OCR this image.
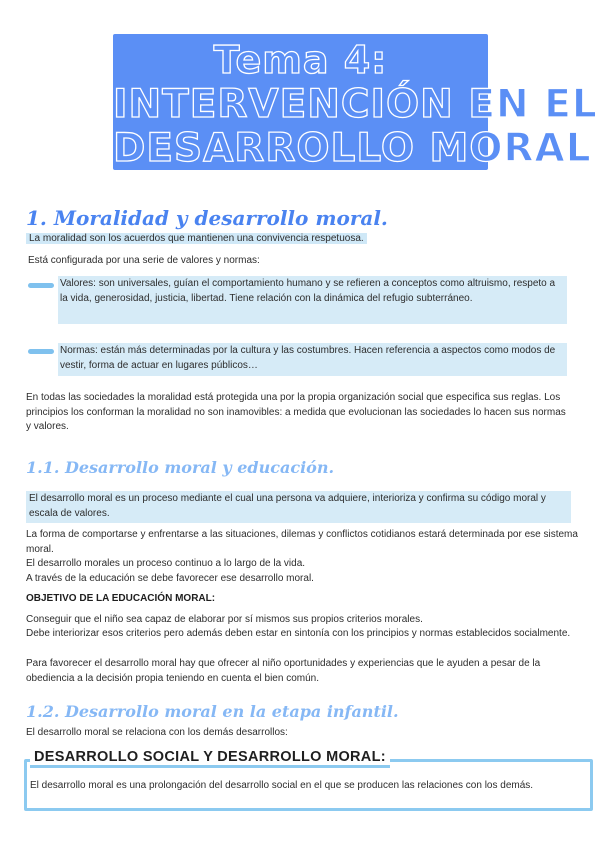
Tema 4:
INTERVENCIÓN EN EL
DESARROLLO MORAL
1. Moralidad y desarrollo moral.
La moralidad son los acuerdos que mantienen una convivencia respetuosa.
Está configurada por una serie de valores y normas:
Valores: son universales, guían el comportamiento humano y se refieren a conceptos como altruismo, respeto a la vida, generosidad, justicia, libertad. Tiene relación con la dinámica del refugio subterráneo.
Normas: están más determinadas por la cultura y las costumbres. Hacen referencia a aspectos como modos de vestir, forma de actuar en lugares públicos…
En todas las sociedades la moralidad está protegida una por la propia organización social que especifica sus reglas. Los principios los conforman la moralidad no son inamovibles: a medida que evolucionan las sociedades lo hacen sus normas y valores.
1.1. Desarrollo moral y educación.
El desarrollo moral es un proceso mediante el cual una persona va adquiere, interioriza y confirma su código moral y escala de valores.
La forma de comportarse y enfrentarse a las situaciones, dilemas y conflictos cotidianos estará determinada por ese sistema moral.
El desarrollo morales un proceso continuo a lo largo de la vida.
A través de la educación se debe favorecer ese desarrollo moral.
OBJETIVO DE LA EDUCACIÓN MORAL:
Conseguir que el niño sea capaz de elaborar por sí mismos sus propios criterios morales.
Debe interiorizar esos criterios pero además deben estar en sintonía con los principios y normas establecidos socialmente.
Para favorecer el desarrollo moral hay que ofrecer al niño oportunidades y experiencias que le ayuden a pesar de la obediencia a la decisión propia teniendo en cuenta el bien común.
1.2. Desarrollo moral en la etapa infantil.
El desarrollo moral se relaciona con los demás desarrollos:
DESARROLLO SOCIAL Y DESARROLLO MORAL:
El desarrollo moral es una prolongación del desarrollo social en el que se producen las relaciones con los demás.
